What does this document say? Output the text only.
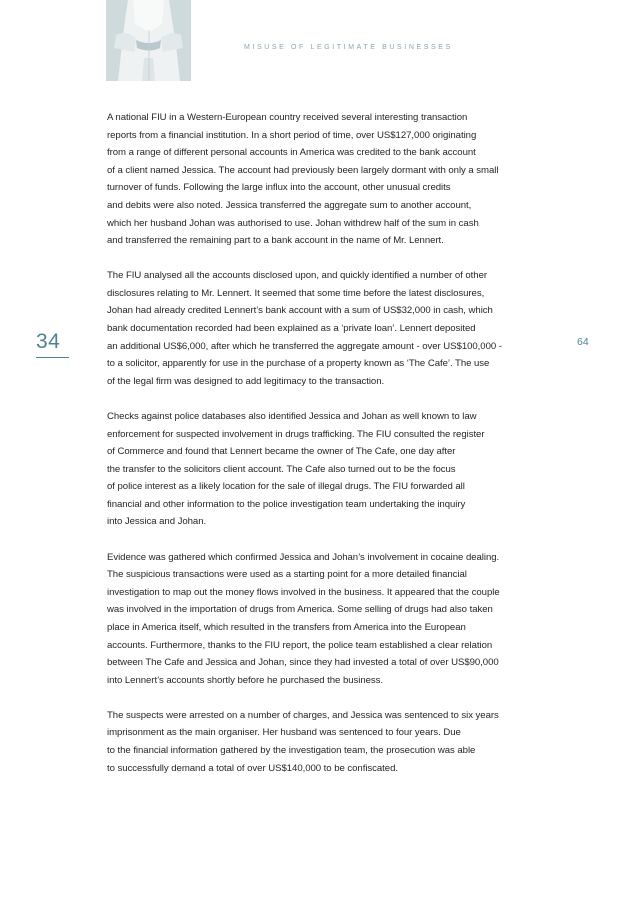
MISUSE OF LEGITIMATE BUSINESSES
34	64
A national FIU in a Western-European country received several interesting transaction
reports from a financial institution. In a short period of time, over US$127,000 originating
from a range of different personal accounts in America was credited to the bank account
of a client named Jessica. The account had previously been largely dormant with only a small
turnover of funds. Following the large influx into the account, other unusual credits
and debits were also noted. Jessica transferred the aggregate sum to another account,
which her husband Johan was authorised to use. Johan withdrew half of the sum in cash
and transferred the remaining part to a bank account in the name of Mr. Lennert.
The FIU analysed all the accounts disclosed upon, and quickly identified a number of other
disclosures relating to Mr. Lennert. It seemed that some time before the latest disclosures,
Johan had already credited Lennert’s bank account with a sum of US$32,000 in cash, which
bank documentation recorded had been explained as a ‘private loan’. Lennert deposited
an additional US$6,000, after which he transferred the aggregate amount - over US$100,000 -
to a solicitor, apparently for use in the purchase of a property known as ‘The Cafe’. The use
of the legal firm was designed to add legitimacy to the transaction.
Checks against police databases also identified Jessica and Johan as well known to law
enforcement for suspected involvement in drugs trafficking. The FIU consulted the register
of Commerce and found that Lennert became the owner of The Cafe, one day after
the transfer to the solicitors client account. The Cafe also turned out to be the focus
of police interest as a likely location for the sale of illegal drugs. The FIU forwarded all
financial and other information to the police investigation team undertaking the inquiry
into Jessica and Johan.
Evidence was gathered which confirmed Jessica and Johan’s involvement in cocaine dealing.
The suspicious transactions were used as a starting point for a more detailed financial
investigation to map out the money flows involved in the business. It appeared that the couple
was involved in the importation of drugs from America. Some selling of drugs had also taken
place in America itself, which resulted in the transfers from America into the European
accounts. Furthermore, thanks to the FIU report, the police team established a clear relation
between The Cafe and Jessica and Johan, since they had invested a total of over US$90,000
into Lennert’s accounts shortly before he purchased the business.
The suspects were arrested on a number of charges, and Jessica was sentenced to six years
imprisonment as the main organiser. Her husband was sentenced to four years. Due
to the financial information gathered by the investigation team, the prosecution was able
to successfully demand a total of over US$140,000 to be confiscated.
